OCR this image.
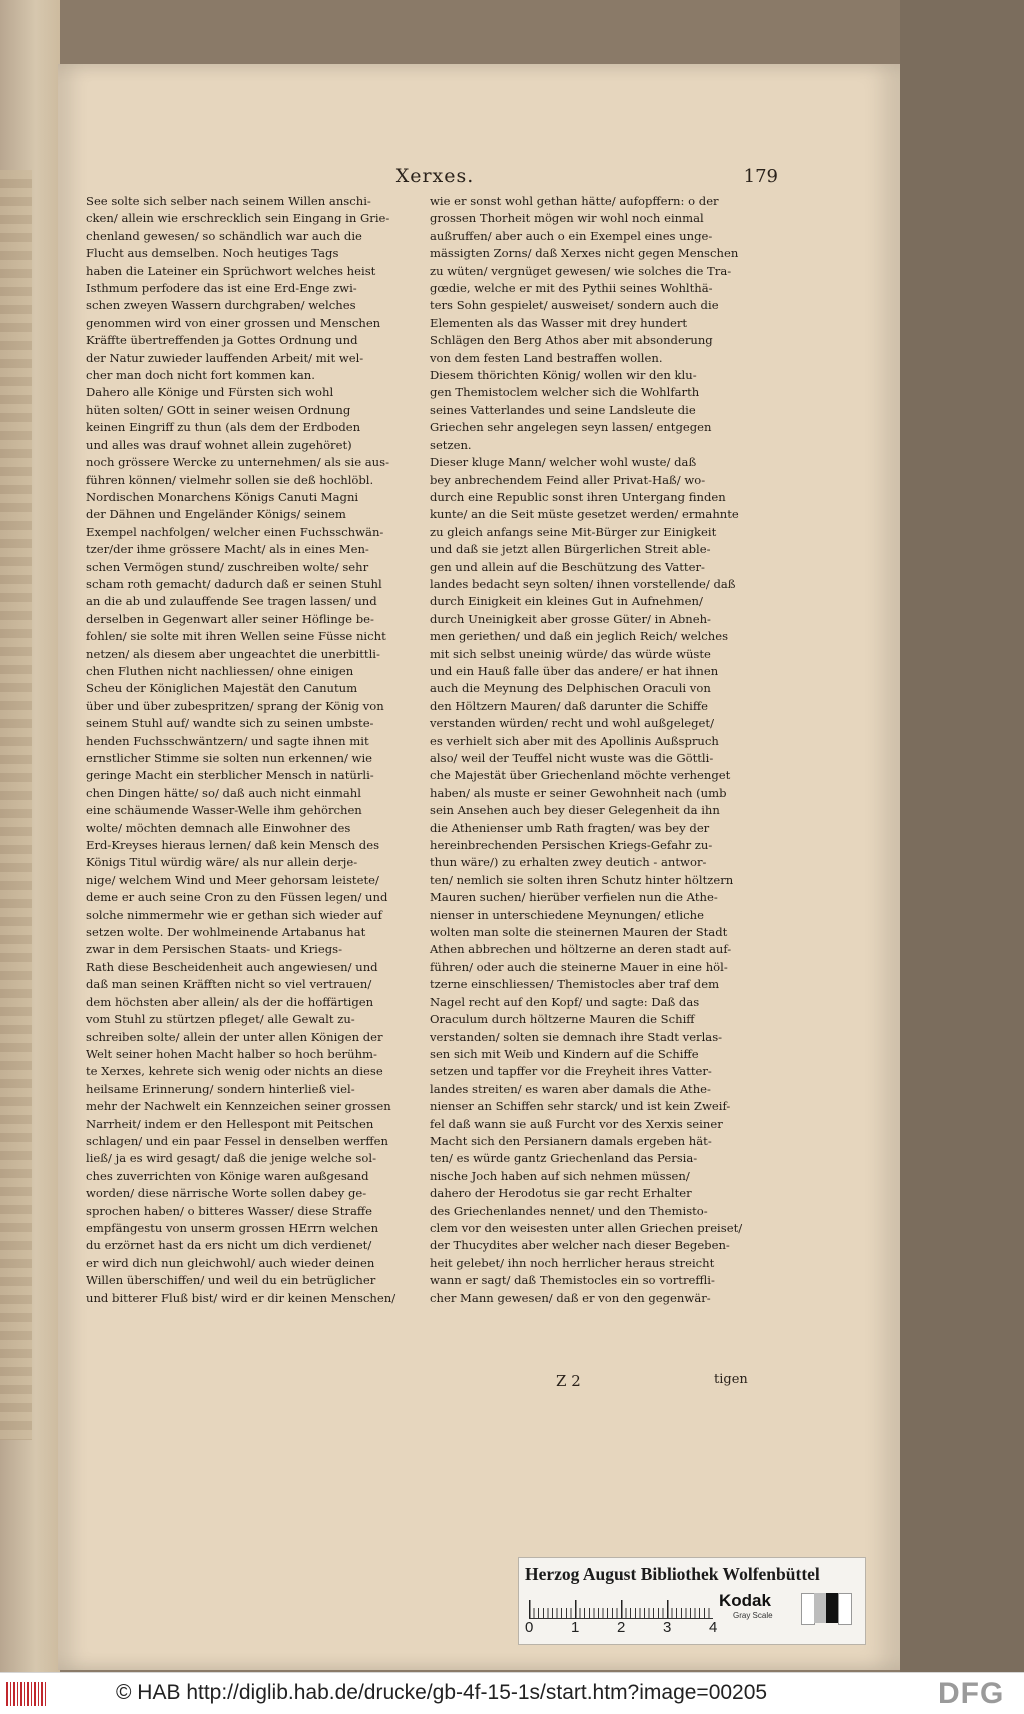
Xerxes.	179

See solte sich selber nach seinem Willen anschi-
cken/ allein wie erschrecklich sein Eingang in Grie-
chenland gewesen/ so schändlich war auch die
Flucht aus demselben. Noch heutiges Tags
haben die Lateiner ein Sprüchwort welches heist
Isthmum perfodere das ist eine Erd-Enge zwi-
schen zweyen Wassern durchgraben/ welches
genommen wird von einer grossen und Menschen
Kräffte übertreffenden ja Gottes Ordnung und
der Natur zuwieder lauffenden Arbeit/ mit wel-
cher man doch nicht fort kommen kan.

Dahero alle Könige und Fürsten sich wohl
hüten solten/ GOtt in seiner weisen Ordnung
keinen Eingriff zu thun (als dem der Erdboden
und alles was drauf wohnet allein zugehöret)
noch grössere Wercke zu unternehmen/ als sie aus-
führen können/ vielmehr sollen sie deß hochlöbl.
Nordischen Monarchens Königs Canuti Magni
der Dähnen und Engeländer Königs/ seinem
Exempel nachfolgen/ welcher einen Fuchsschwän-
tzer/der ihme grössere Macht/ als in eines Men-
schen Vermögen stund/ zuschreiben wolte/ sehr
scham roth gemacht/ dadurch daß er seinen Stuhl
an die ab und zulauffende See tragen lassen/ und
derselben in Gegenwart aller seiner Höflinge be-
fohlen/ sie solte mit ihren Wellen seine Füsse nicht
netzen/ als diesem aber ungeachtet die unerbittli-
chen Fluthen nicht nachliessen/ ohne einigen
Scheu der Königlichen Majestät den Canutum
über und über zubespritzen/ sprang der König von
seinem Stuhl auf/ wandte sich zu seinen umbste-
henden Fuchsschwäntzern/ und sagte ihnen mit
ernstlicher Stimme sie solten nun erkennen/ wie
geringe Macht ein sterblicher Mensch in natürli-
chen Dingen hätte/ so/ daß auch nicht einmahl
eine schäumende Wasser-Welle ihm gehörchen
wolte/ möchten demnach alle Einwohner des
Erd-Kreyses hieraus lernen/ daß kein Mensch des
Königs Titul würdig wäre/ als nur allein derje-
nige/ welchem Wind und Meer gehorsam leistete/
deme er auch seine Cron zu den Füssen legen/ und
solche nimmermehr wie er gethan sich wieder auf
setzen wolte. Der wohlmeinende Artabanus hat
zwar in dem Persischen Staats- und Kriegs-
Rath diese Bescheidenheit auch angewiesen/ und
daß man seinen Kräfften nicht so viel vertrauen/
dem höchsten aber allein/ als der die hoffärtigen
vom Stuhl zu stürtzen pfleget/ alle Gewalt zu-
schreiben solte/ allein der unter allen Königen der
Welt seiner hohen Macht halber so hoch berühm-
te Xerxes, kehrete sich wenig oder nichts an diese
heilsame Erinnerung/ sondern hinterließ viel-
mehr der Nachwelt ein Kennzeichen seiner grossen
Narrheit/ indem er den Hellespont mit Peitschen
schlagen/ und ein paar Fessel in denselben werffen
ließ/ ja es wird gesagt/ daß die jenige welche sol-
ches zuverrichten von Könige waren außgesand
worden/ diese närrische Worte sollen dabey ge-
sprochen haben/ o bitteres Wasser/ diese Straffe
empfängestu von unserm grossen HErrn welchen
du erzörnet hast da ers nicht um dich verdienet/
er wird dich nun gleichwohl/ auch wieder deinen
Willen überschiffen/ und weil du ein betrüglicher
und bitterer Fluß bist/ wird er dir keinen Menschen/

wie er sonst wohl gethan hätte/ aufopffern: o der
grossen Thorheit mögen wir wohl noch einmal
außruffen/ aber auch o ein Exempel eines unge-
mässigten Zorns/ daß Xerxes nicht gegen Menschen
zu wüten/ vergnüget gewesen/ wie solches die Tra-
gœdie, welche er mit des Pythii seines Wohlthä-
ters Sohn gespielet/ ausweiset/ sondern auch die
Elementen als das Wasser mit drey hundert
Schlägen den Berg Athos aber mit absonderung
von dem festen Land bestraffen wollen.

Diesem thörichten König/ wollen wir den klu-
gen Themistoclem welcher sich die Wohlfarth
seines Vatterlandes und seine Landsleute die
Griechen sehr angelegen seyn lassen/ entgegen
setzen.

Dieser kluge Mann/ welcher wohl wuste/ daß
bey anbrechendem Feind aller Privat-Haß/ wo-
durch eine Republic sonst ihren Untergang finden
kunte/ an die Seit müste gesetzet werden/ ermahnte
zu gleich anfangs seine Mit-Bürger zur Einigkeit
und daß sie jetzt allen Bürgerlichen Streit able-
gen und allein auf die Beschützung des Vatter-
landes bedacht seyn solten/ ihnen vorstellende/ daß
durch Einigkeit ein kleines Gut in Aufnehmen/
durch Uneinigkeit aber grosse Güter/ in Abneh-
men geriethen/ und daß ein jeglich Reich/ welches
mit sich selbst uneinig würde/ das würde wüste
und ein Hauß falle über das andere/ er hat ihnen
auch die Meynung des Delphischen Oraculi von
den Höltzern Mauren/ daß darunter die Schiffe
verstanden würden/ recht und wohl außgeleget/
es verhielt sich aber mit des Apollinis Außspruch
also/ weil der Teuffel nicht wuste was die Göttli-
che Majestät über Griechenland möchte verhenget
haben/ als muste er seiner Gewohnheit nach (umb
sein Ansehen auch bey dieser Gelegenheit da ihn
die Athenienser umb Rath fragten/ was bey der
hereinbrechenden Persischen Kriegs-Gefahr zu-
thun wäre/) zu erhalten zwey deutich - antwor-
ten/ nemlich sie solten ihren Schutz hinter höltzern
Mauren suchen/ hierüber verfielen nun die Athe-
nienser in unterschiedene Meynungen/ etliche
wolten man solte die steinernen Mauren der Stadt
Athen abbrechen und höltzerne an deren stadt auf-
führen/ oder auch die steinerne Mauer in eine höl-
tzerne einschliessen/ Themistocles aber traf dem
Nagel recht auf den Kopf/ und sagte: Daß das
Oraculum durch höltzerne Mauren die Schiff
verstanden/ solten sie demnach ihre Stadt verlas-
sen sich mit Weib und Kindern auf die Schiffe
setzen und tapffer vor die Freyheit ihres Vatter-
landes streiten/ es waren aber damals die Athe-
nienser an Schiffen sehr starck/ und ist kein Zweif-
fel daß wann sie auß Furcht vor des Xerxis seiner
Macht sich den Persianern damals ergeben hät-
ten/ es würde gantz Griechenland das Persia-
nische Joch haben auf sich nehmen müssen/
dahero der Herodotus sie gar recht Erhalter
des Griechenlandes nennet/ und den Themisto-
clem vor den weisesten unter allen Griechen preiset/
der Thucydites aber welcher nach dieser Begeben-
heit gelebet/ ihn noch herrlicher heraus streicht
wann er sagt/ daß Themistocles ein so vortreffli-
cher Mann gewesen/ daß er von den gegenwär-

Z 2	tigen
Herzog August Bibliothek Wolfenbüttel
0	1	2	3	4
Kodak
Gray Scale
© HAB http://diglib.hab.de/drucke/gb-4f-15-1s/start.htm?image=00205	DFG
